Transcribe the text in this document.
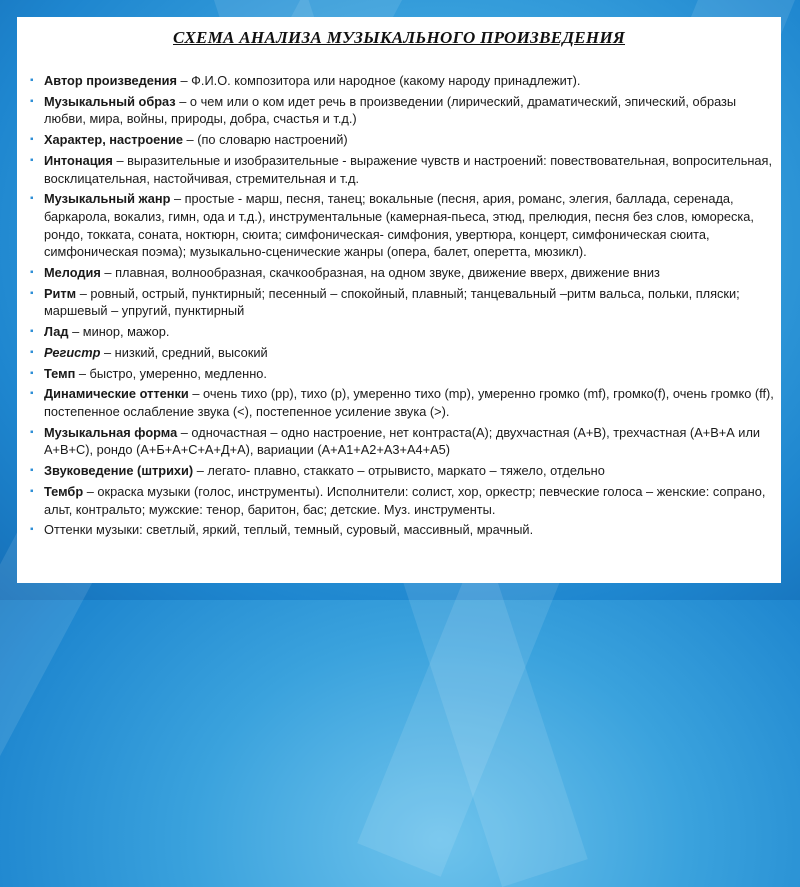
СХЕМА АНАЛИЗА МУЗЫКАЛЬНОГО ПРОИЗВЕДЕНИЯ
▪ Автор произведения – Ф.И.О. композитора или народное (какому народу принадлежит).
▪ Музыкальный образ – о чем или о ком идет речь в произведении (лирический, драматический, эпический, образы любви, мира, войны, природы, добра, счастья и т.д.)
▪ Характер, настроение – (по словарю настроений)
▪ Интонация – выразительные и изобразительные - выражение чувств и настроений: повествовательная, вопросительная, восклицательная, настойчивая, стремительная и т.д.
▪ Музыкальный жанр – простые - марш, песня, танец; вокальные (песня, ария, романс, элегия, баллада, серенада, баркарола, вокализ, гимн, ода и т.д.), инструментальные (камерная-пьеса, этюд, прелюдия, песня без слов, юмореска, рондо, токката, соната, ноктюрн, сюита; симфоническая- симфония, увертюра, концерт, симфоническая сюита, симфоническая поэма); музыкально-сценические жанры (опера, балет, оперетта, мюзикл).
▪ Мелодия – плавная, волнообразная, скачкообразная, на одном звуке, движение вверх, движение вниз
▪ Ритм – ровный, острый, пунктирный; песенный – спокойный, плавный; танцевальный –ритм вальса, польки, пляски; маршевый – упругий, пунктирный
▪ Лад – минор, мажор.
▪ Регистр – низкий, средний, высокий
▪ Темп – быстро, умеренно, медленно.
▪ Динамические оттенки – очень тихо (pp), тихо (p), умеренно тихо (mp), умеренно громко (mf), громко(f), очень громко (ff), постепенное ослабление звука (<), постепенное усиление звука (>).
▪ Музыкальная форма – одночастная – одно настроение, нет контраста(А); двухчастная (А+В), трехчастная (А+В+А или А+В+С), рондо (А+Б+А+С+А+Д+А), вариации (А+А1+А2+А3+А4+А5)
▪ Звуковедение (штрихи) – легато- плавно, стаккато – отрывисто, маркато – тяжело, отдельно
▪ Тембр – окраска музыки (голос, инструменты). Исполнители: солист, хор, оркестр; певческие голоса – женские: сопрано, альт, контральто; мужские: тенор, баритон, бас; детские. Муз. инструменты.
▪ Оттенки музыки: светлый, яркий, теплый, темный, суровый, массивный, мрачный.
